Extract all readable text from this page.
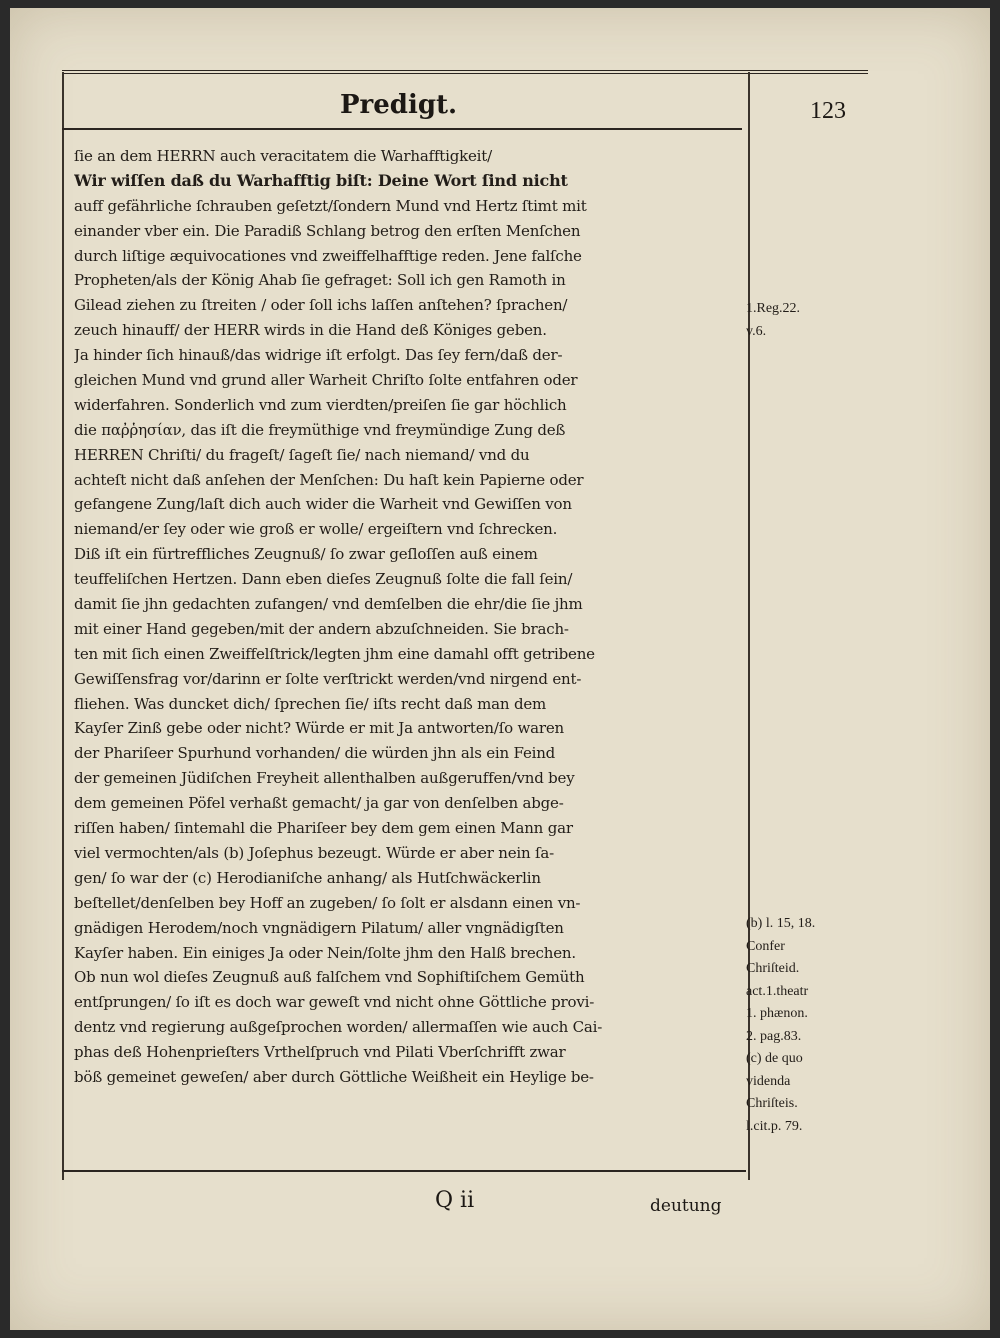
Predigt.	123
ſie an dem HERRN auch veracitatem die Warhafftigkeit/
Wir wiſſen daß du Warhafftig biſt: Deine Wort ſind nicht
auff gefährliche ſchrauben geſetzt/ſondern Mund vnd Hertz ſtimt mit
einander vber ein. Die Paradiß Schlang betrog den erſten Menſchen
durch liſtige æquivocationes vnd zweiffelhafftige reden. Jene falſche
Propheten/als der König Ahab ſie gefraget: Soll ich gen Ramoth in
Gilead ziehen zu ſtreiten / oder ſoll ichs laſſen anſtehen? ſprachen/
zeuch hinauff/ der HERR wirds in die Hand deß Königes geben.
Ja hinder ſich hinauß/das widrige iſt erfolgt. Das ſey fern/daß der-
gleichen Mund vnd grund aller Warheit Chriſto ſolte entfahren oder
widerfahren. Sonderlich vnd zum vierdten/preiſen ſie gar höchlich
die παῤῥησίαν, das iſt die freymüthige vnd freymündige Zung deß
HERREN Chriſti/ du frageſt/ ſageſt ſie/ nach niemand/ vnd du
achteſt nicht daß anſehen der Menſchen: Du haſt kein Papierne oder
gefangene Zung/laſt dich auch wider die Warheit vnd Gewiſſen von
niemand/er ſey oder wie groß er wolle/ ergeiſtern vnd ſchrecken.
Diß iſt ein fürtreffliches Zeugnuß/ ſo zwar geſloſſen auß einem
teuffeliſchen Hertzen. Dann eben dieſes Zeugnuß ſolte die fall ſein/
damit ſie jhn gedachten zufangen/ vnd demſelben die ehr/die ſie jhm
mit einer Hand gegeben/mit der andern abzuſchneiden. Sie brach-
ten mit ſich einen Zweiffelſtrick/legten jhm eine damahl offt getribene
Gewiſſensfrag vor/darinn er ſolte verſtrickt werden/vnd nirgend ent-
fliehen. Was duncket dich/ ſprechen ſie/ iſts recht daß man dem
Kayſer Zinß gebe oder nicht? Würde er mit Ja antworten/ſo waren
der Phariſeer Spurhund vorhanden/ die würden jhn als ein Feind
der gemeinen Jüdiſchen Freyheit allenthalben außgeruffen/vnd bey
dem gemeinen Pöfel verhaßt gemacht/ ja gar von denſelben abge-
riſſen haben/ ſintemahl die Phariſeer bey dem gem einen Mann gar
viel vermochten/als (b) Joſephus bezeugt. Würde er aber nein ſa-
gen/ ſo war der (c) Herodianiſche anhang/ als Hutſchwäckerlin
beſtellet/denſelben bey Hoff an zugeben/ ſo ſolt er alsdann einen vn-
gnädigen Herodem/noch vngnädigern Pilatum/ aller vngnädigſten
Kayſer haben. Ein einiges Ja oder Nein/ſolte jhm den Halß brechen.
Ob nun wol dieſes Zeugnuß auß falſchem vnd Sophiſtiſchem Gemüth
entſprungen/ ſo iſt es doch war geweſt vnd nicht ohne Göttliche provi-
dentz vnd regierung außgeſprochen worden/ allermaſſen wie auch Cai-
phas deß Hohenprieſters Vrthelſpruch vnd Pilati Vberſchrifft zwar
böß gemeinet geweſen/ aber durch Göttliche Weißheit ein Heylige be-
1.Reg.22.
v.6.
(b) l. 15, 18.
Confer
Chriſteid.
act.1.theatr
1. phænon.
2. pag.83.
(c) de quo
videnda
Chriſteis.
l.cit.p. 79.
Q ii	deutung
